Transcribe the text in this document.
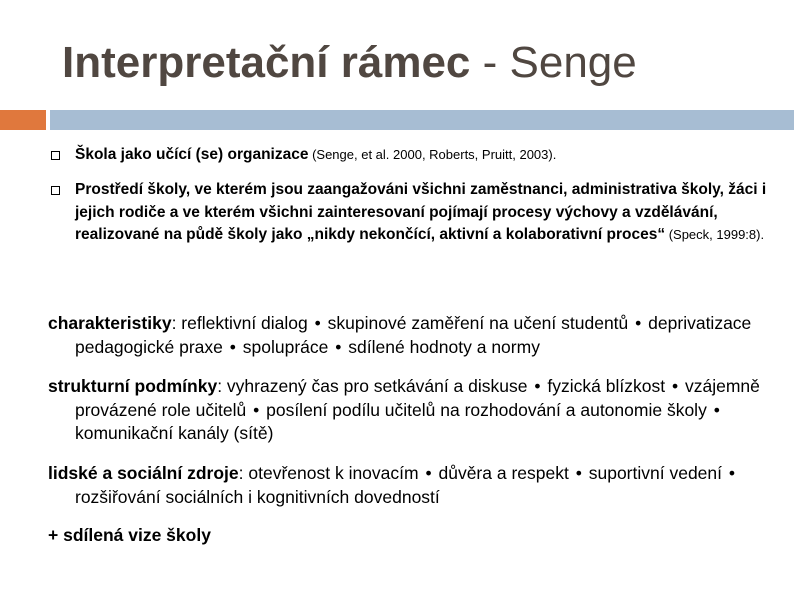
Interpretační rámec - Senge
Škola jako učící (se) organizace (Senge, et al. 2000, Roberts, Pruitt, 2003).
Prostředí školy, ve kterém jsou zaangažováni všichni zaměstnanci, administrativa školy, žáci i jejich rodiče a ve kterém všichni zainteresovaní pojímají procesy výchovy a vzdělávání, realizované na půdě školy jako „nikdy nekončící, aktivní a kolaborativní proces“ (Speck, 1999:8).
charakteristiky: reflektivní dialog • skupinové zaměření na učení studentů • deprivatizace pedagogické praxe • spolupráce • sdílené hodnoty a normy
strukturní podmínky: vyhrazený čas pro setkávání a diskuse • fyzická blízkost • vzájemně provázené role učitelů • posílení podílu učitelů na rozhodování a autonomie školy • komunikační kanály (sítě)
lidské a sociální zdroje: otevřenost k inovacím • důvěra a respekt • suportivní vedení • rozšiřování sociálních i kognitivních dovedností
+ sdílená vize školy
